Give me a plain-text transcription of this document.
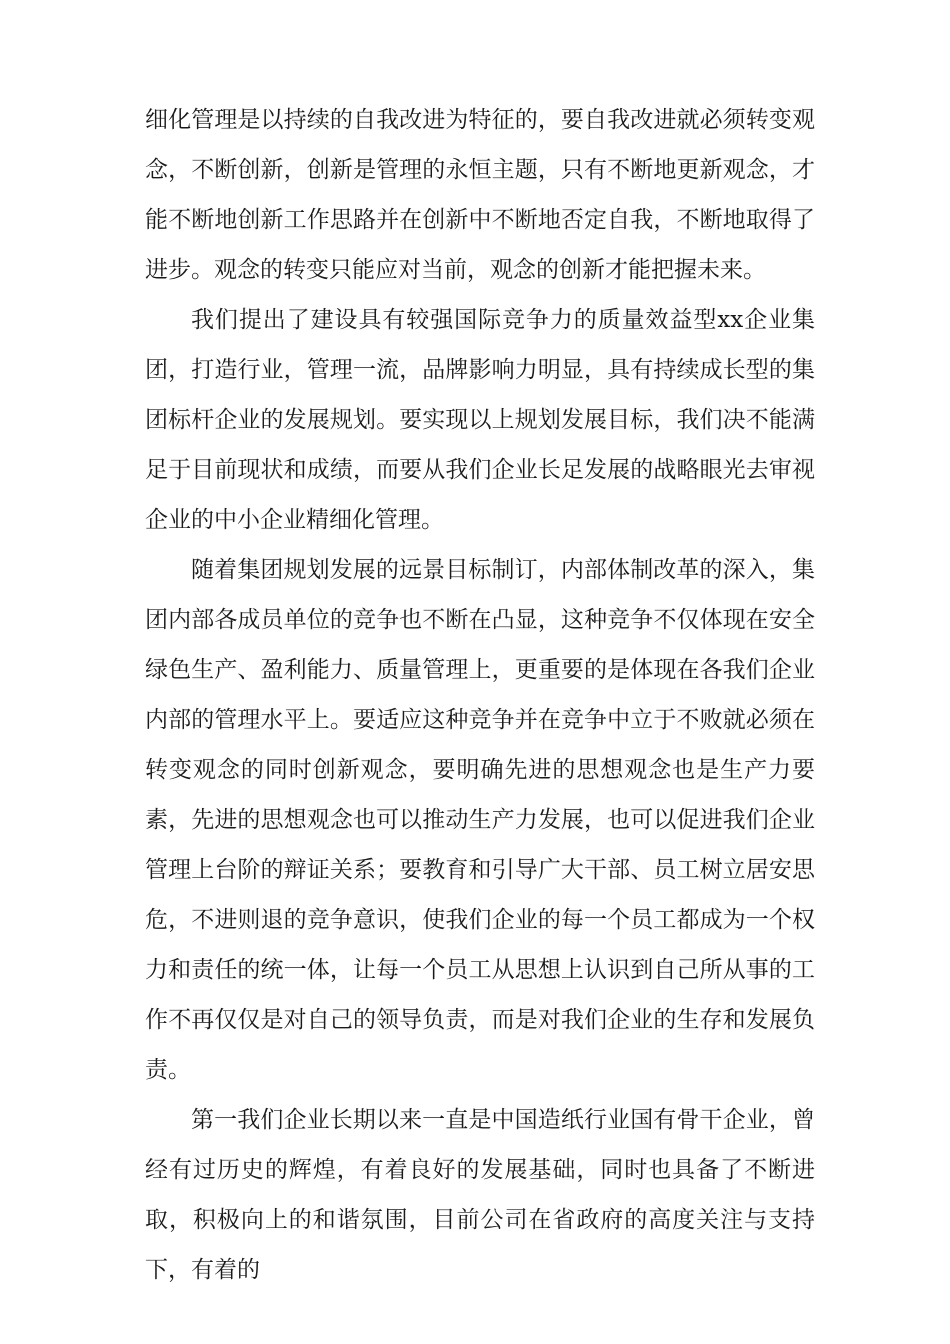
细化管理是以持续的自我改进为特征的，要自我改进就必须转变观念，不断创新，创新是管理的永恒主题，只有不断地更新观念，才能不断地创新工作思路并在创新中不断地否定自我，不断地取得了进步。观念的转变只能应对当前，观念的创新才能把握未来。

我们提出了建设具有较强国际竞争力的质量效益型xx企业集团，打造行业，管理一流，品牌影响力明显，具有持续成长型的集团标杆企业的发展规划。要实现以上规划发展目标，我们决不能满足于目前现状和成绩，而要从我们企业长足发展的战略眼光去审视企业的中小企业精细化管理。

随着集团规划发展的远景目标制订，内部体制改革的深入，集团内部各成员单位的竞争也不断在凸显，这种竞争不仅体现在安全绿色生产、盈利能力、质量管理上，更重要的是体现在各我们企业内部的管理水平上。要适应这种竞争并在竞争中立于不败就必须在转变观念的同时创新观念，要明确先进的思想观念也是生产力要素，先进的思想观念也可以推动生产力发展，也可以促进我们企业管理上台阶的辩证关系；要教育和引导广大干部、员工树立居安思危，不进则退的竞争意识，使我们企业的每一个员工都成为一个权力和责任的统一体，让每一个员工从思想上认识到自己所从事的工作不再仅仅是对自己的领导负责，而是对我们企业的生存和发展负责。

第一我们企业长期以来一直是中国造纸行业国有骨干企业，曾经有过历史的辉煌，有着良好的发展基础，同时也具备了不断进取，积极向上的和谐氛围，目前公司在省政府的高度关注与支持下，有着的
